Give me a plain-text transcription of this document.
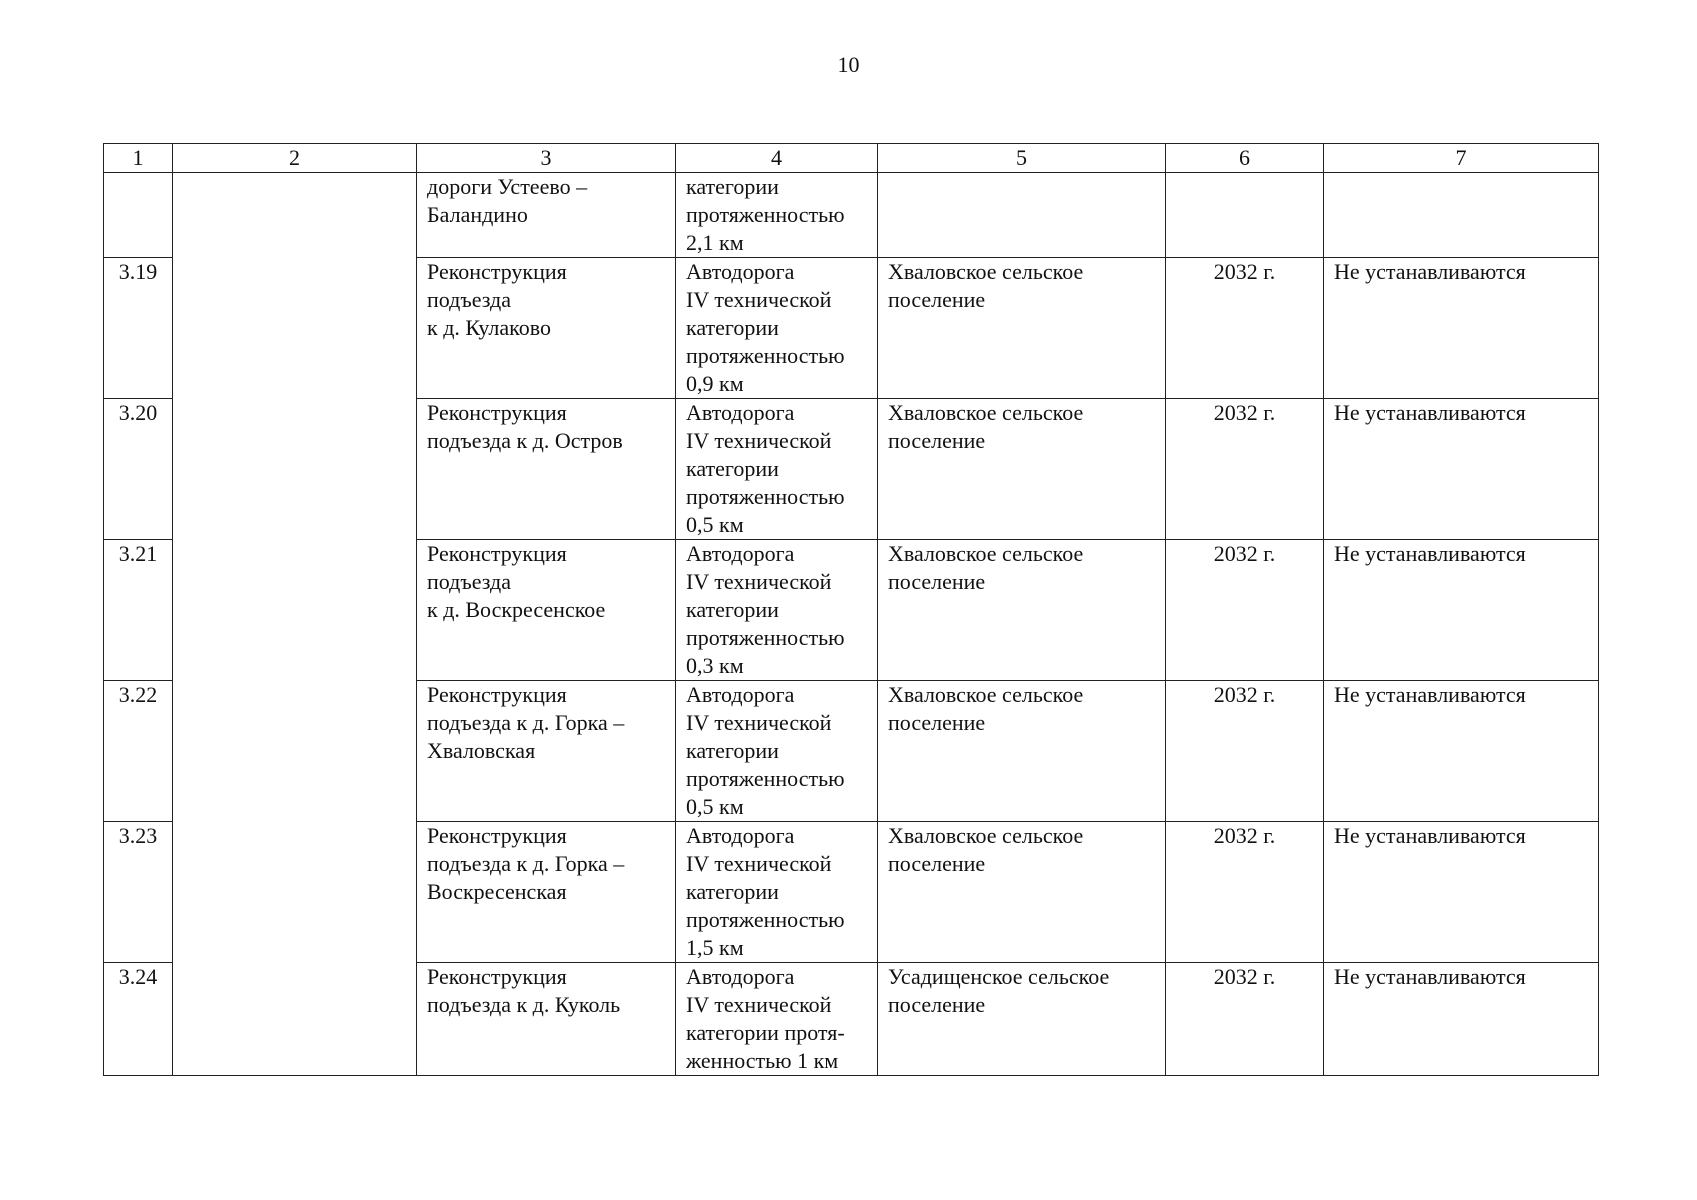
10
1	2	3	4	5	6	7
		дороги Устеево –
Баландино	категории
протяженностью
2,1 км			
3.19		Реконструкция
подъезда
к д. Кулаково	Автодорога
IV технической
категории
протяженностью
0,9 км	Хваловское сельское
поселение	2032 г.	Не устанавливаются
3.20		Реконструкция
подъезда к д. Остров	Автодорога
IV технической
категории
протяженностью
0,5 км	Хваловское сельское
поселение	2032 г.	Не устанавливаются
3.21		Реконструкция
подъезда
к д. Воскресенское	Автодорога
IV технической
категории
протяженностью
0,3 км	Хваловское сельское
поселение	2032 г.	Не устанавливаются
3.22		Реконструкция
подъезда к д. Горка –
Хваловская	Автодорога
IV технической
категории
протяженностью
0,5 км	Хваловское сельское
поселение	2032 г.	Не устанавливаются
3.23		Реконструкция
подъезда к д. Горка –
Воскресенская	Автодорога
IV технической
категории
протяженностью
1,5 км	Хваловское сельское
поселение	2032 г.	Не устанавливаются
3.24		Реконструкция
подъезда к д. Куколь	Автодорога
IV технической
категории протя-
женностью 1 км	Усадищенское сельское
поселение	2032 г.	Не устанавливаются
